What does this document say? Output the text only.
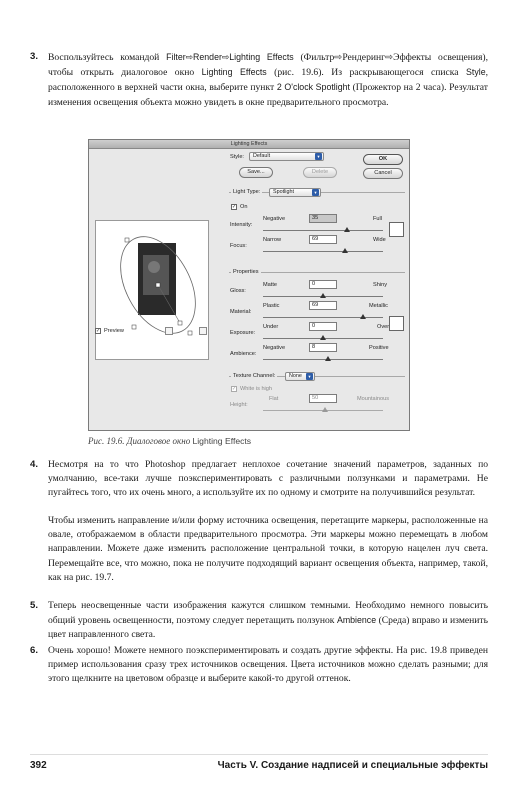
3. Воспользуйтесь командой Filter⇨Render⇨Lighting Effects (Фильтр⇨Рендеринг⇨Эффекты освещения), чтобы открыть диалоговое окно Lighting Effects (рис. 19.6). Из раскрывающегося списка Style, расположенного в верхней части окна, выберите пункт 2 O'clock Spotlight (Прожектор на 2 часа). Результат изменения освещения объекта можно увидеть в окне предварительного просмотра.
Lighting Effects
✓ Preview
Style:	Default	▾
Save...	Delete
OK
Cancel
Light Type:	Spotlight	▾
✓ On
Intensity:
Negative	Full
35
Focus:
Narrow	Wide
69
Properties
Gloss:
Matte	Shiny
0
Material:
Plastic	Metallic
69
Exposure:
Under	Over
0
Ambience:
Negative	Positive
8
Texture Channel:	None	▾
✓ White is high
Height:
Flat	Mountainous
50
Рис. 19.6. Диалоговое окно Lighting Effects
4. Несмотря на то что Photoshop предлагает неплохое сочетание значений параметров, заданных по умолчанию, все-таки лучше поэкспериментировать с различными ползунками и параметрами. Не пугайтесь того, что их очень много, а используйте их по одному и смотрите на получившийся результат.
Чтобы изменить направление и/или форму источника освещения, перетащите маркеры, расположенные на овале, отображаемом в области предварительного просмотра. Эти маркеры можно перемещать в любом направлении. Можете даже изменить расположение центральной точки, в которую нацелен луч света. Перемещайте все, что можно, пока не получите подходящий вариант освещения объекта, например, такой, как на рис. 19.7.
5. Теперь неосвещенные части изображения кажутся слишком темными. Необходимо немного повысить общий уровень освещенности, поэтому следует перетащить ползунок Ambience (Среда) вправо и изменить цвет направленного света.
6. Очень хорошо! Можете немного поэкспериментировать и создать другие эффекты. На рис. 19.8 приведен пример использования сразу трех источников освещения. Цвета источников можно сделать разными; для этого щелкните на цветовом образце и выберите какой-то другой оттенок.
392	Часть V. Создание надписей и специальные эффекты
